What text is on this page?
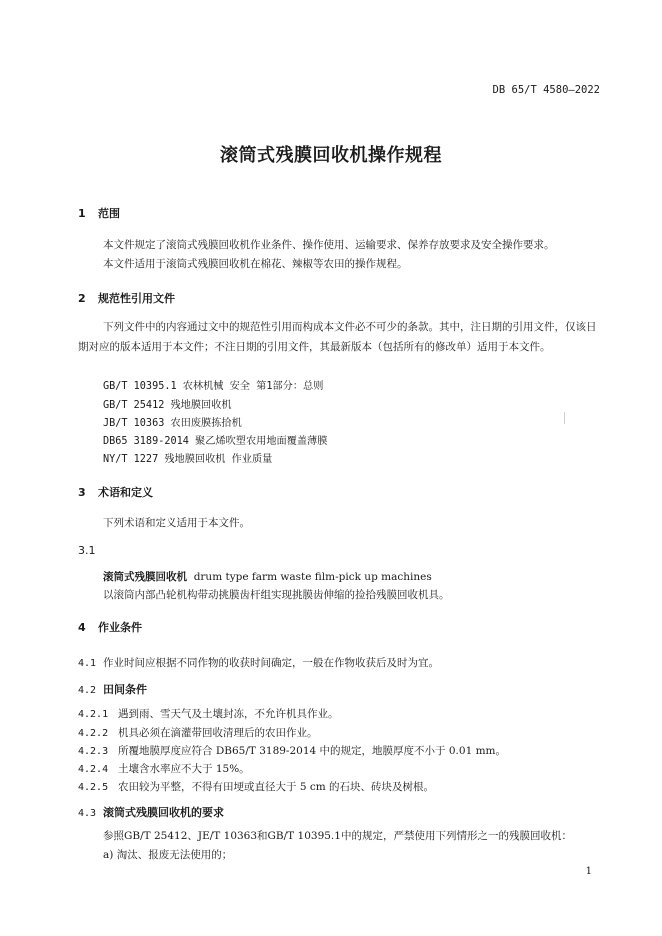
DB 65/T 4580—2022
滚筒式残膜回收机操作规程
1 范围
本文件规定了滚筒式残膜回收机作业条件、操作使用、运输要求、保养存放要求及安全操作要求。
本文件适用于滚筒式残膜回收机在棉花、辣椒等农田的操作规程。
2 规范性引用文件
下列文件中的内容通过文中的规范性引用而构成本文件必不可少的条款。其中，注日期的引用文件，仅该日期对应的版本适用于本文件；不注日期的引用文件，其最新版本（包括所有的修改单）适用于本文件。
GB/T 10395.1 农林机械 安全 第1部分：总则
GB/T 25412 残地膜回收机
JB/T 10363 农田废膜拣拾机
DB65 3189-2014 聚乙烯吹塑农用地面覆盖薄膜
NY/T 1227 残地膜回收机 作业质量
3 术语和定义
下列术语和定义适用于本文件。
3.1
滚筒式残膜回收机 drum type farm waste film-pick up machines
以滚筒内部凸轮机构带动挑膜齿杆组实现挑膜齿伸缩的捡拾残膜回收机具。
4 作业条件
4.1 作业时间应根据不同作物的收获时间确定，一般在作物收获后及时为宜。
4.2 田间条件
4.2.1 遇到雨、雪天气及土壤封冻，不允许机具作业。
4.2.2 机具必须在滴灌带回收清理后的农田作业。
4.2.3 所覆地膜厚度应符合 DB65/T 3189-2014 中的规定，地膜厚度不小于 0.01 mm。
4.2.4 土壤含水率应不大于 15%。
4.2.5 农田较为平整，不得有田埂或直径大于 5 cm 的石块、砖块及树根。
4.3 滚筒式残膜回收机的要求
参照GB/T 25412、JE/T 10363和GB/T 10395.1中的规定，严禁使用下列情形之一的残膜回收机：
a) 淘汰、报废无法使用的；
1
